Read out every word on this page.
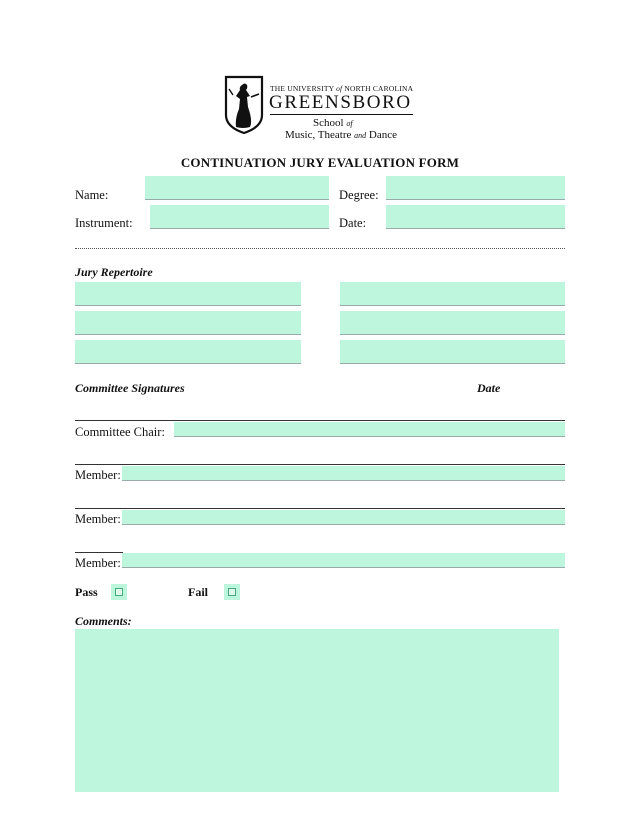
THE UNIVERSITY of NORTH CAROLINA
GREENSBORO
School of
Music, Theatre and Dance
CONTINUATION JURY EVALUATION FORM
Name:	Degree:
Instrument:	Date:
Jury Repertoire
Committee Signatures	Date
Committee Chair:
Member:
Member:
Member:
Pass	Fail
Comments:
